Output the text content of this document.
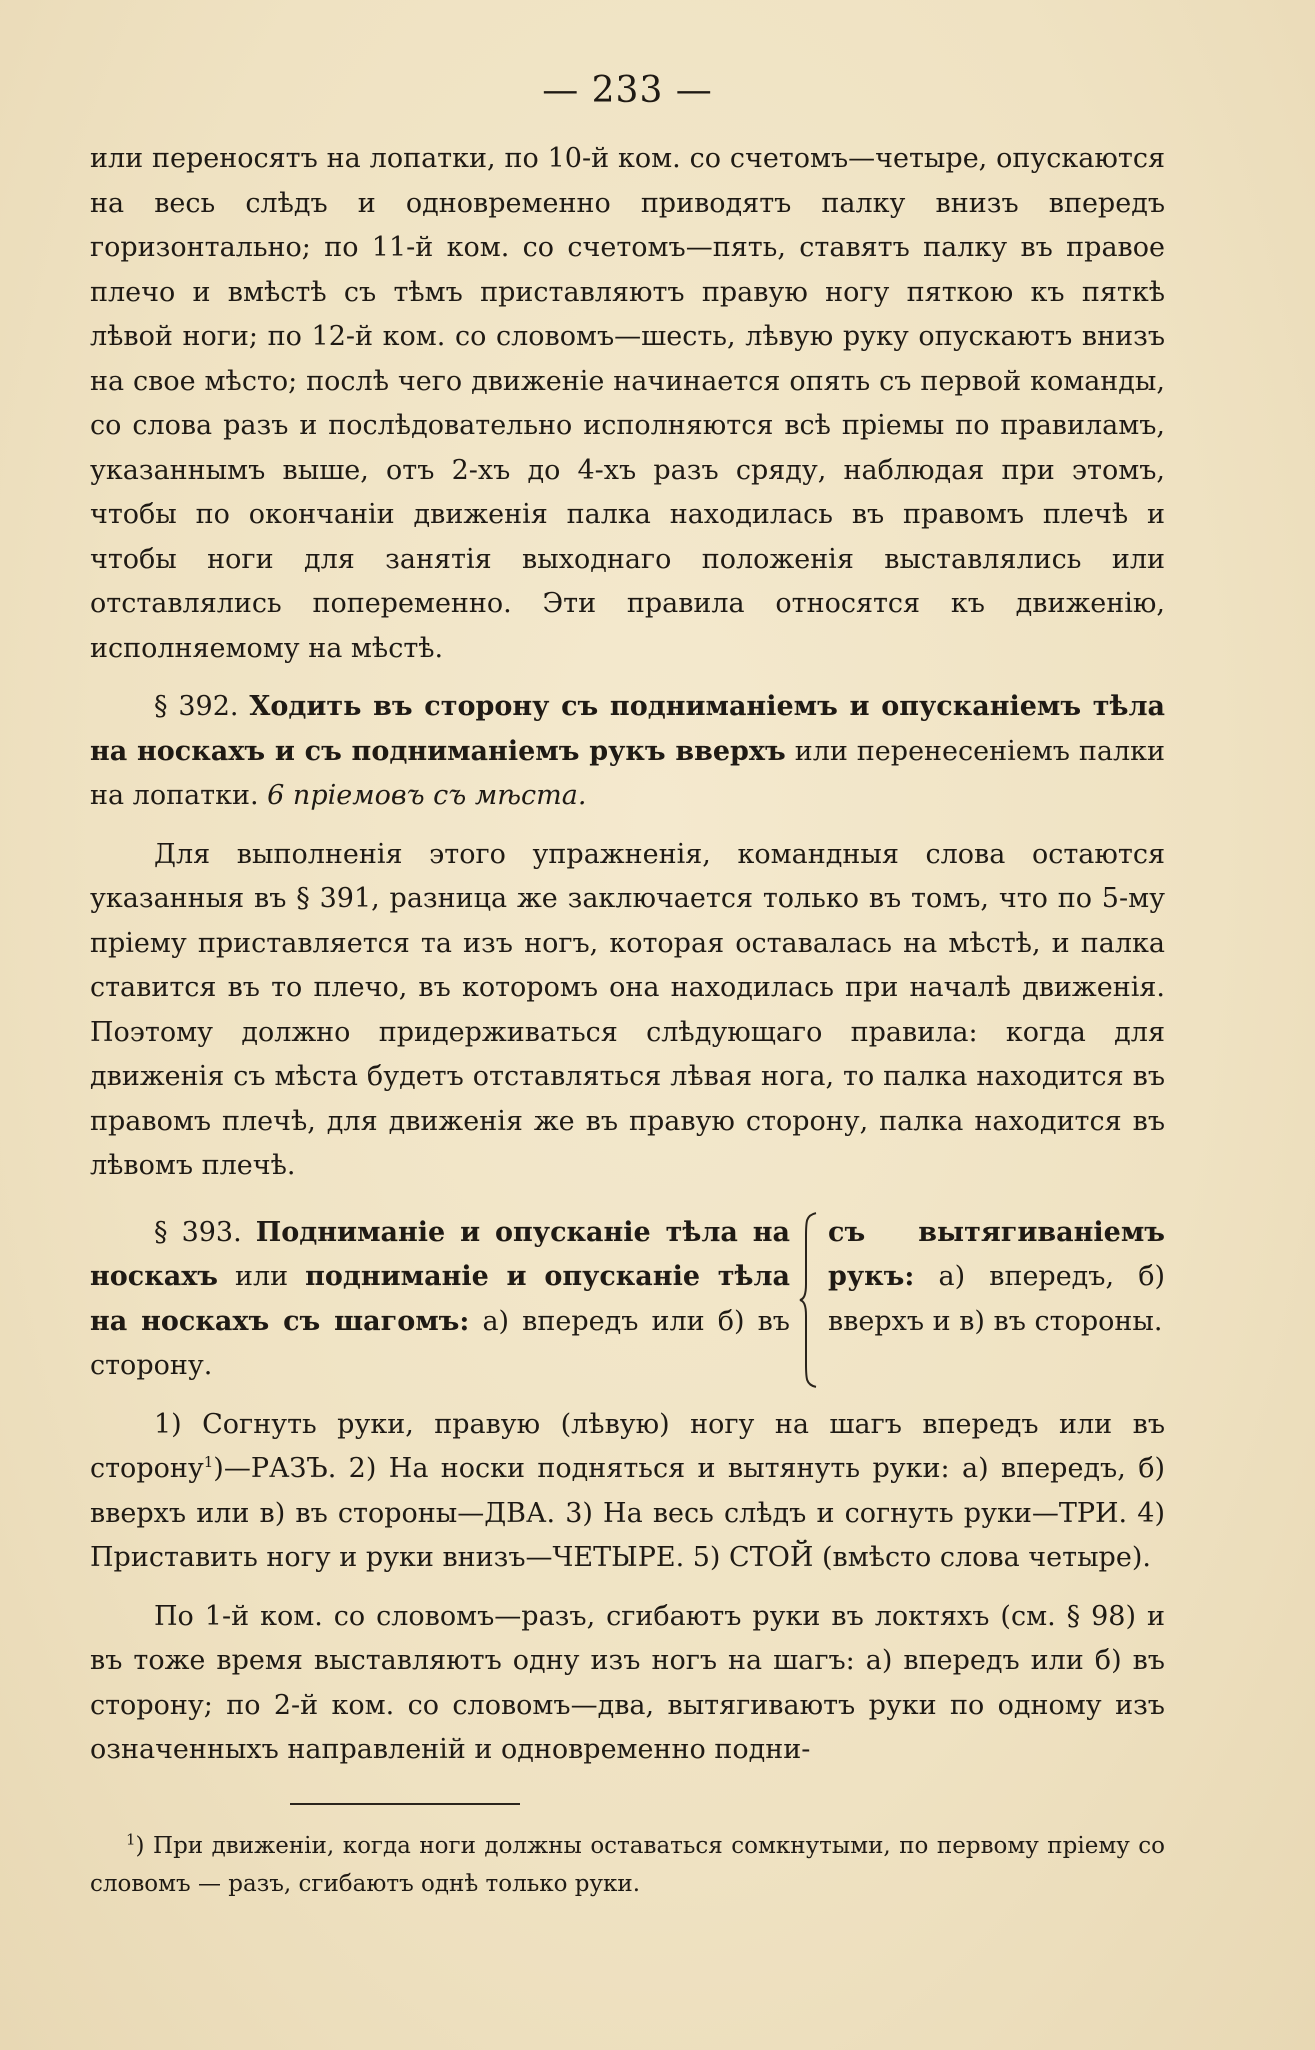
— 233 —

или переносятъ на лопатки, по 10-й ком. со счетомъ—четыре, опускаются на весь слѣдъ и одновременно приводятъ палку внизъ впередъ горизонтально; по 11-й ком. со счетомъ—пять, ставятъ палку въ правое плечо и вмѣстѣ съ тѣмъ приставляютъ правую ногу пяткою къ пяткѣ лѣвой ноги; по 12-й ком. со словомъ—шесть, лѣвую руку опускаютъ внизъ на свое мѣсто; послѣ чего движеніе начинается опять съ первой команды, со слова разъ и послѣдовательно исполняются всѣ пріемы по правиламъ, указаннымъ выше, отъ 2-хъ до 4-хъ разъ сряду, наблюдая при этомъ, чтобы по окончаніи движенія палка находилась въ правомъ плечѣ и чтобы ноги для занятія выходнаго положенія выставлялись или отставлялись попеременно. Эти правила относятся къ движенію, исполняемому на мѣстѣ.

§ 392. Ходить въ сторону съ подниманіемъ и опусканіемъ тѣла на носкахъ и съ подниманіемъ рукъ вверхъ или перенесеніемъ палки на лопатки. 6 пріемовъ съ мѣста.

Для выполненія этого упражненія, командныя слова остаются указанныя въ § 391, разница же заключается только въ томъ, что по 5-му пріему приставляется та изъ ногъ, которая оставалась на мѣстѣ, и палка ставится въ то плечо, въ которомъ она находилась при началѣ движенія. Поэтому должно придерживаться слѣдующаго правила: когда для движенія съ мѣста будетъ отставляться лѣвая нога, то палка находится въ правомъ плечѣ, для движенія же въ правую сторону, палка находится въ лѣвомъ плечѣ.

§ 393. Подниманіе и опусканіе тѣла на носкахъ или подниманіе и опусканіе тѣла на носкахъ съ шагомъ: а) впередъ или б) въ сторону.
съ вытягиваніемъ рукъ: а) впередъ, б) вверхъ и в) въ стороны.

1) Согнуть руки, правую (лѣвую) ногу на шагъ впередъ или въ сторону$^1$)—РАЗЪ. 2) На носки подняться и вытянуть руки: а) впередъ, б) вверхъ или в) въ стороны—ДВА. 3) На весь слѣдъ и согнуть руки—ТРИ. 4) Приставить ногу и руки внизъ—ЧЕТЫРЕ. 5) СТОЙ (вмѣсто слова четыре).

По 1-й ком. со словомъ—разъ, сгибаютъ руки въ локтяхъ (см. § 98) и въ тоже время выставляютъ одну изъ ногъ на шагъ: а) впередъ или б) въ сторону; по 2-й ком. со словомъ—два, вытягиваютъ руки по одному изъ означенныхъ направленій и одновременно подни-

$^1$) При движеніи, когда ноги должны оставаться сомкнутыми, по первому пріему со словомъ — разъ, сгибаютъ однѣ только руки.
